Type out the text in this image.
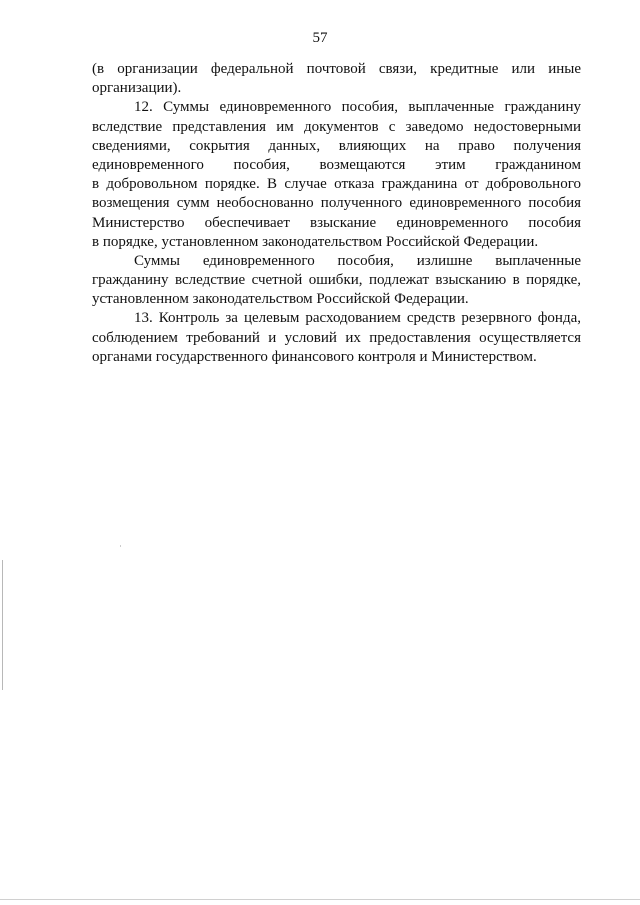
57
(в организации федеральной почтовой связи, кредитные или иные
организации).
12. Суммы единовременного пособия, выплаченные гражданину
вследствие представления им документов с заведомо недостоверными
сведениями, сокрытия данных, влияющих на право получения
единовременного пособия, возмещаются этим гражданином
в добровольном порядке. В случае отказа гражданина от добровольного
возмещения сумм необоснованно полученного единовременного пособия
Министерство обеспечивает взыскание единовременного пособия
в порядке, установленном законодательством Российской Федерации.
Суммы единовременного пособия, излишне выплаченные
гражданину вследствие счетной ошибки, подлежат взысканию в порядке,
установленном законодательством Российской Федерации.
13. Контроль за целевым расходованием средств резервного фонда,
соблюдением требований и условий их предоставления осуществляется
органами государственного финансового контроля и Министерством.
